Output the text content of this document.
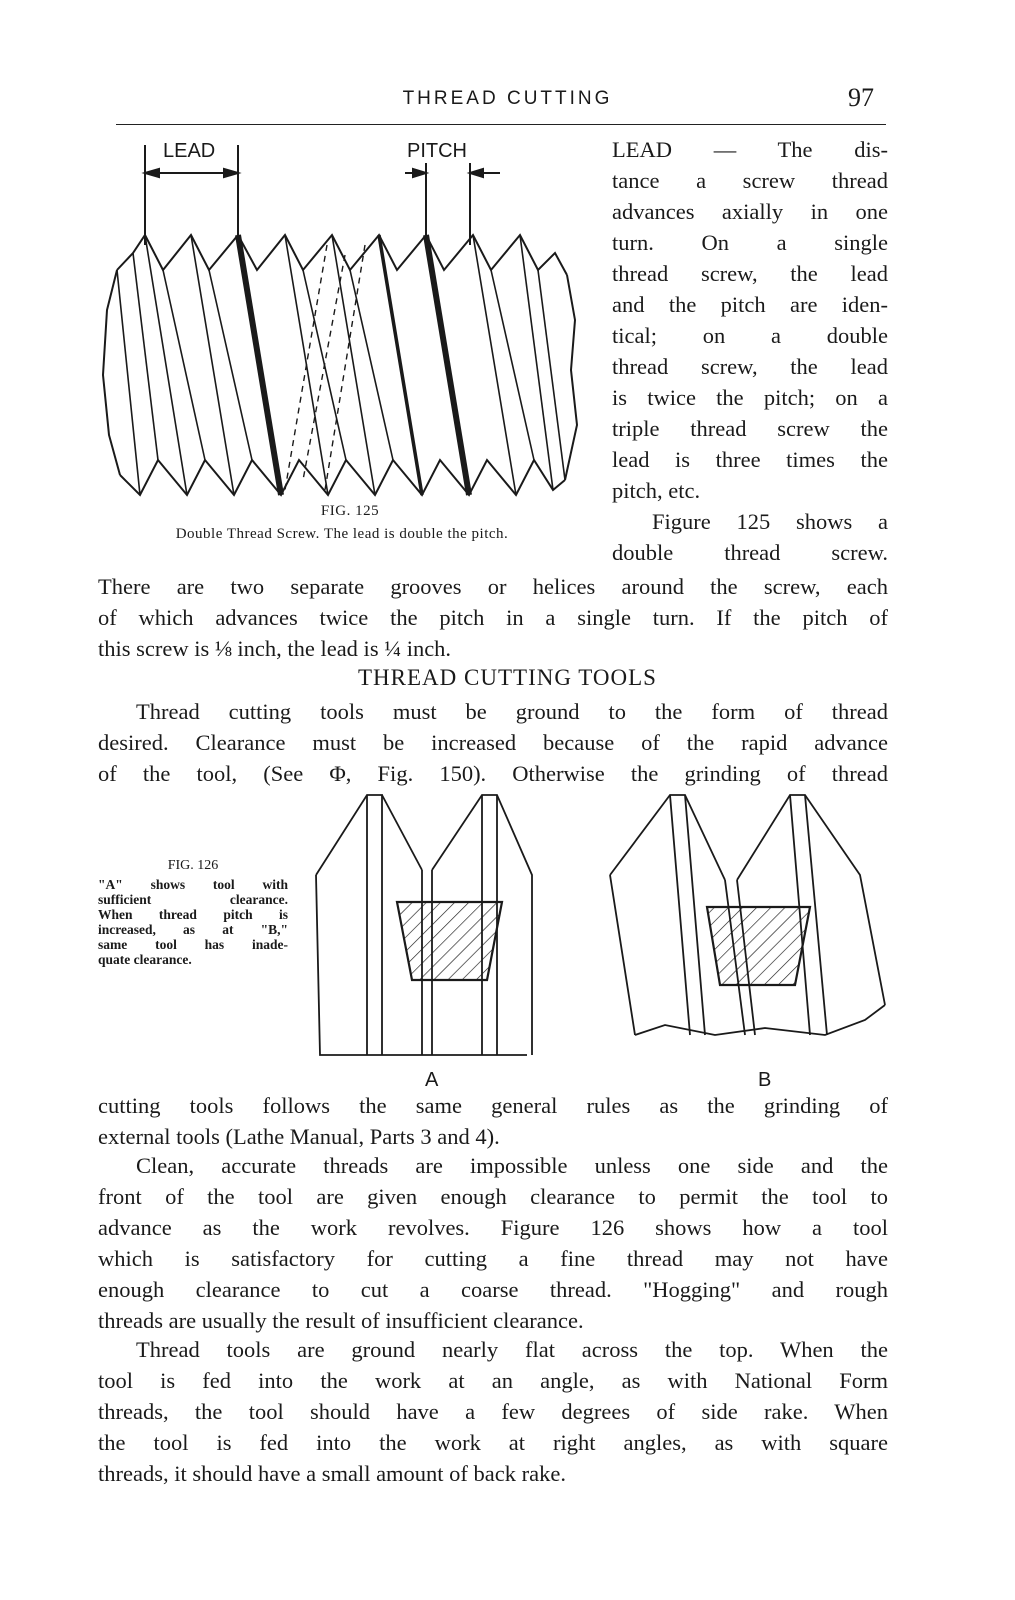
THREAD CUTTING	97
LEAD	PITCH
FIG. 125
Double Thread Screw. The lead is double the pitch.
LEAD — The dis-
tance a screw thread
advances axially in one
turn. On a single
thread screw, the lead
and the pitch are iden-
tical; on a double
thread screw, the lead
is twice the pitch; on a
triple thread screw the
lead is three times the
pitch, etc.
Figure 125 shows a
double thread screw.
There are two separate grooves or helices around the screw, each
of which advances twice the pitch in a single turn. If the pitch of
this screw is ⅛ inch, the lead is ¼ inch.
THREAD CUTTING TOOLS
Thread cutting tools must be ground to the form of thread
desired. Clearance must be increased because of the rapid advance
of the tool, (See Φ, Fig. 150). Otherwise the grinding of thread
FIG. 126
"A" shows tool with
sufficient clearance.
When thread pitch is
increased, as at "B,"
same tool has inade-
quate clearance.
A	B
cutting tools follows the same general rules as the grinding of
external tools (Lathe Manual, Parts 3 and 4).
Clean, accurate threads are impossible unless one side and the
front of the tool are given enough clearance to permit the tool to
advance as the work revolves. Figure 126 shows how a tool
which is satisfactory for cutting a fine thread may not have
enough clearance to cut a coarse thread. "Hogging" and rough
threads are usually the result of insufficient clearance.
Thread tools are ground nearly flat across the top. When the
tool is fed into the work at an angle, as with National Form
threads, the tool should have a few degrees of side rake. When
the tool is fed into the work at right angles, as with square
threads, it should have a small amount of back rake.
